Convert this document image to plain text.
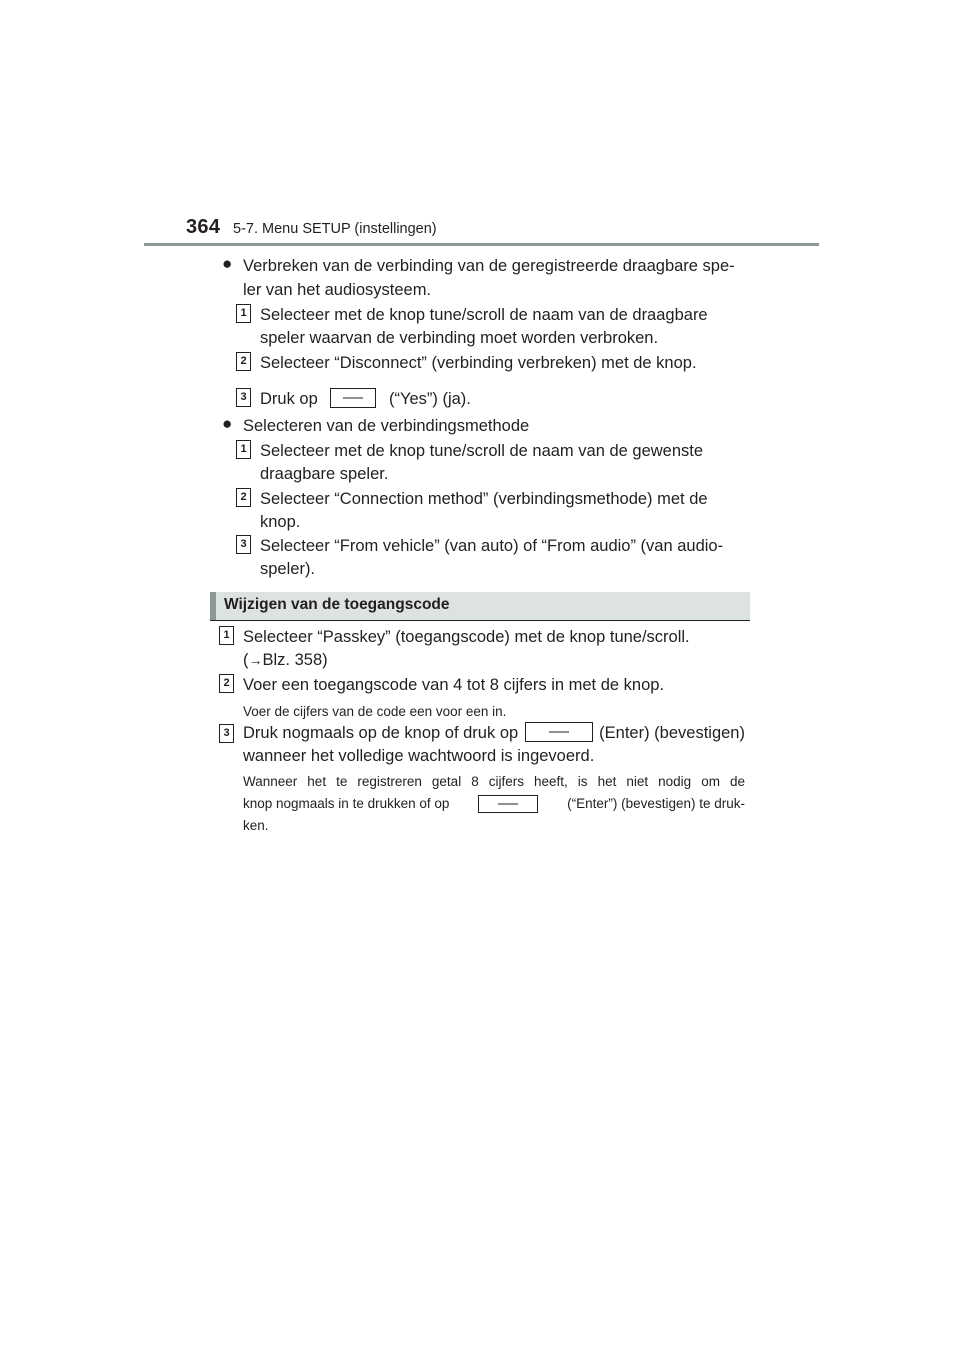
364 5-7. Menu SETUP (instellingen)
● Verbreken van de verbinding van de geregistreerde draagbare spe-
ler van het audiosysteem.
1 Selecteer met de knop tune/scroll de naam van de draagbare
speler waarvan de verbinding moet worden verbroken.
2 Selecteer “Disconnect” (verbinding verbreken) met de knop.
3 Druk op	(“Yes”) (ja).
● Selecteren van de verbindingsmethode
1 Selecteer met de knop tune/scroll de naam van de gewenste
draagbare speler.
2 Selecteer “Connection method” (verbindingsmethode) met de
knop.
3 Selecteer “From vehicle” (van auto) of “From audio” (van audio-
speler).
Wijzigen van de toegangscode
1 Selecteer “Passkey” (toegangscode) met de knop tune/scroll.
(→Blz. 358)
2 Voer een toegangscode van 4 tot 8 cijfers in met de knop.
Voer de cijfers van de code een voor een in.
3 Druk nogmaals op de knop of druk op	(Enter) (bevestigen)
wanneer het volledige wachtwoord is ingevoerd.
Wanneer het te registreren getal 8 cijfers heeft, is het niet nodig om de
knop nogmaals in te drukken of op	(“Enter”) (bevestigen) te druk-
ken.
